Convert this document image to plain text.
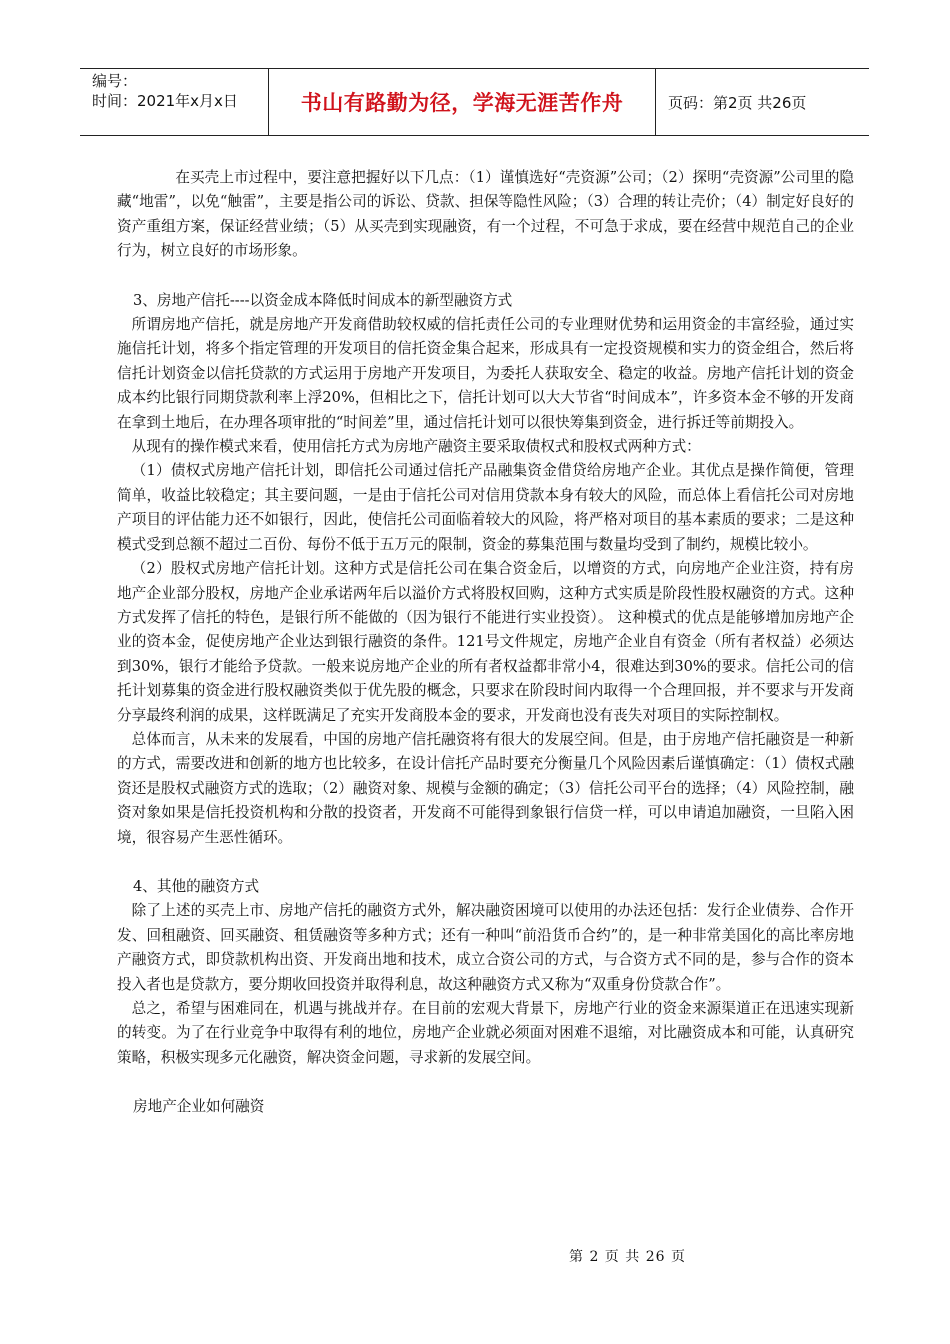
编号：
时间：2021年x月x日	书山有路勤为径，学海无涯苦作舟	页码：第2页 共26页

在买壳上市过程中，要注意把握好以下几点：（1）谨慎选好“壳资源”公司；（2）探明“壳资源”公司里的隐藏“地雷”，以免“触雷”，主要是指公司的诉讼、贷款、担保等隐性风险；（3）合理的转让壳价；（4）制定好良好的资产重组方案，保证经营业绩；（5）从买壳到实现融资，有一个过程，不可急于求成，要在经营中规范自己的企业行为，树立良好的市场形象。

3、房地产信托----以资金成本降低时间成本的新型融资方式

所谓房地产信托，就是房地产开发商借助较权威的信托责任公司的专业理财优势和运用资金的丰富经验，通过实施信托计划，将多个指定管理的开发项目的信托资金集合起来，形成具有一定投资规模和实力的资金组合，然后将信托计划资金以信托贷款的方式运用于房地产开发项目，为委托人获取安全、稳定的收益。房地产信托计划的资金成本约比银行同期贷款利率上浮20%，但相比之下，信托计划可以大大节省“时间成本”，许多资本金不够的开发商在拿到土地后，在办理各项审批的“时间差”里，通过信托计划可以很快筹集到资金，进行拆迁等前期投入。

从现有的操作模式来看，使用信托方式为房地产融资主要采取债权式和股权式两种方式：

（1）债权式房地产信托计划，即信托公司通过信托产品融集资金借贷给房地产企业。其优点是操作简便，管理简单，收益比较稳定；其主要问题，一是由于信托公司对信用贷款本身有较大的风险，而总体上看信托公司对房地产项目的评估能力还不如银行，因此，使信托公司面临着较大的风险，将严格对项目的基本素质的要求；二是这种模式受到总额不超过二百份、每份不低于五万元的限制，资金的募集范围与数量均受到了制约，规模比较小。

（2）股权式房地产信托计划。这种方式是信托公司在集合资金后，以增资的方式，向房地产企业注资，持有房地产企业部分股权，房地产企业承诺两年后以溢价方式将股权回购，这种方式实质是阶段性股权融资的方式。这种方式发挥了信托的特色，是银行所不能做的（因为银行不能进行实业投资）。 这种模式的优点是能够增加房地产企业的资本金，促使房地产企业达到银行融资的条件。121号文件规定，房地产企业自有资金（所有者权益）必须达到30%，银行才能给予贷款。一般来说房地产企业的所有者权益都非常小4，很难达到30%的要求。信托公司的信托计划募集的资金进行股权融资类似于优先股的概念，只要求在阶段时间内取得一个合理回报，并不要求与开发商分享最终利润的成果，这样既满足了充实开发商股本金的要求，开发商也没有丧失对项目的实际控制权。

总体而言，从未来的发展看，中国的房地产信托融资将有很大的发展空间。但是，由于房地产信托融资是一种新的方式，需要改进和创新的地方也比较多，在设计信托产品时要充分衡量几个风险因素后谨慎确定：（1）债权式融资还是股权式融资方式的选取；（2）融资对象、规模与金额的确定；（3）信托公司平台的选择；（4）风险控制，融资对象如果是信托投资机构和分散的投资者，开发商不可能得到象银行信贷一样，可以申请追加融资，一旦陷入困境，很容易产生恶性循环。

4、其他的融资方式

除了上述的买壳上市、房地产信托的融资方式外，解决融资困境可以使用的办法还包括：发行企业债券、合作开发、回租融资、回买融资、租赁融资等多种方式；还有一种叫“前沿货币合约”的，是一种非常美国化的高比率房地产融资方式，即贷款机构出资、开发商出地和技术，成立合资公司的方式，与合资方式不同的是，参与合作的资本投入者也是贷款方，要分期收回投资并取得利息，故这种融资方式又称为“双重身份贷款合作”。

总之，希望与困难同在，机遇与挑战并存。在目前的宏观大背景下，房地产行业的资金来源渠道正在迅速实现新的转变。为了在行业竞争中取得有利的地位，房地产企业就必须面对困难不退缩，对比融资成本和可能，认真研究策略，积极实现多元化融资，解决资金问题，寻求新的发展空间。

房地产企业如何融资

第 2 页 共 26 页
